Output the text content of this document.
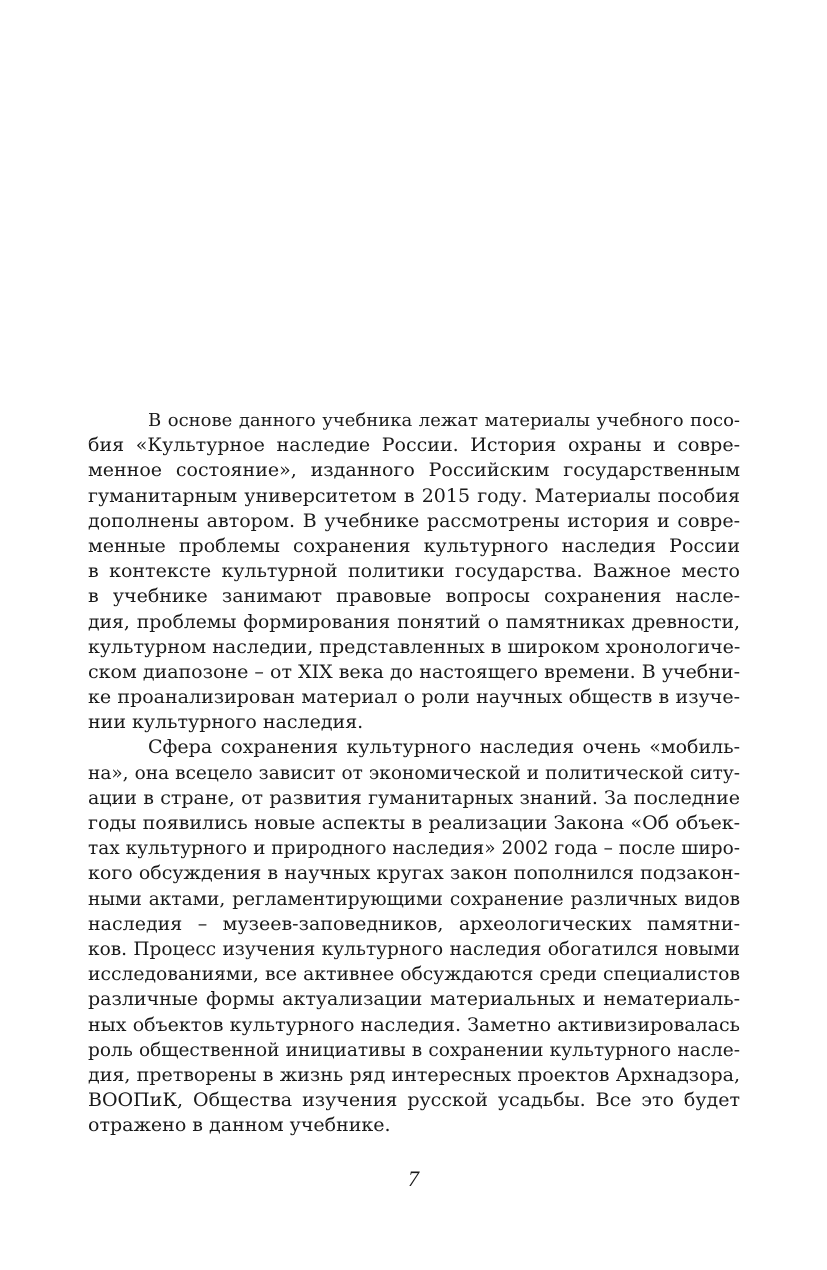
В основе данного учебника лежат материалы учебного посо-
бия «Культурное наследие России. История охраны и совре-
менное состояние», изданного Российским государственным
гуманитарным университетом в 2015 году. Материалы пособия
дополнены автором. В учебнике рассмотрены история и совре-
менные проблемы сохранения культурного наследия России
в контексте культурной политики государства. Важное место
в учебнике занимают правовые вопросы сохранения насле-
дия, проблемы формирования понятий о памятниках древности,
культурном наследии, представленных в широком хронологиче-
ском диапозоне – от XIX века до настоящего времени. В учебни-
ке проанализирован материал о роли научных обществ в изуче-
нии культурного наследия.
Сфера сохранения культурного наследия очень «мобиль-
на», она всецело зависит от экономической и политической ситу-
ации в стране, от развития гуманитарных знаний. За последние
годы появились новые аспекты в реализации Закона «Об объек-
тах культурного и природного наследия» 2002 года – после широ-
кого обсуждения в научных кругах закон пополнился подзакон-
ными актами, регламентирующими сохранение различных видов
наследия – музеев-заповедников, археологических памятни-
ков. Процесс изучения культурного наследия обогатился новыми
исследованиями, все активнее обсуждаются среди специалистов
различные формы актуализации материальных и нематериаль-
ных объектов культурного наследия. Заметно активизировалась
роль общественной инициативы в сохранении культурного насле-
дия, претворены в жизнь ряд интересных проектов Архнадзора,
ВООПиК, Общества изучения русской усадьбы. Все это будет
отражено в данном учебнике.
7
